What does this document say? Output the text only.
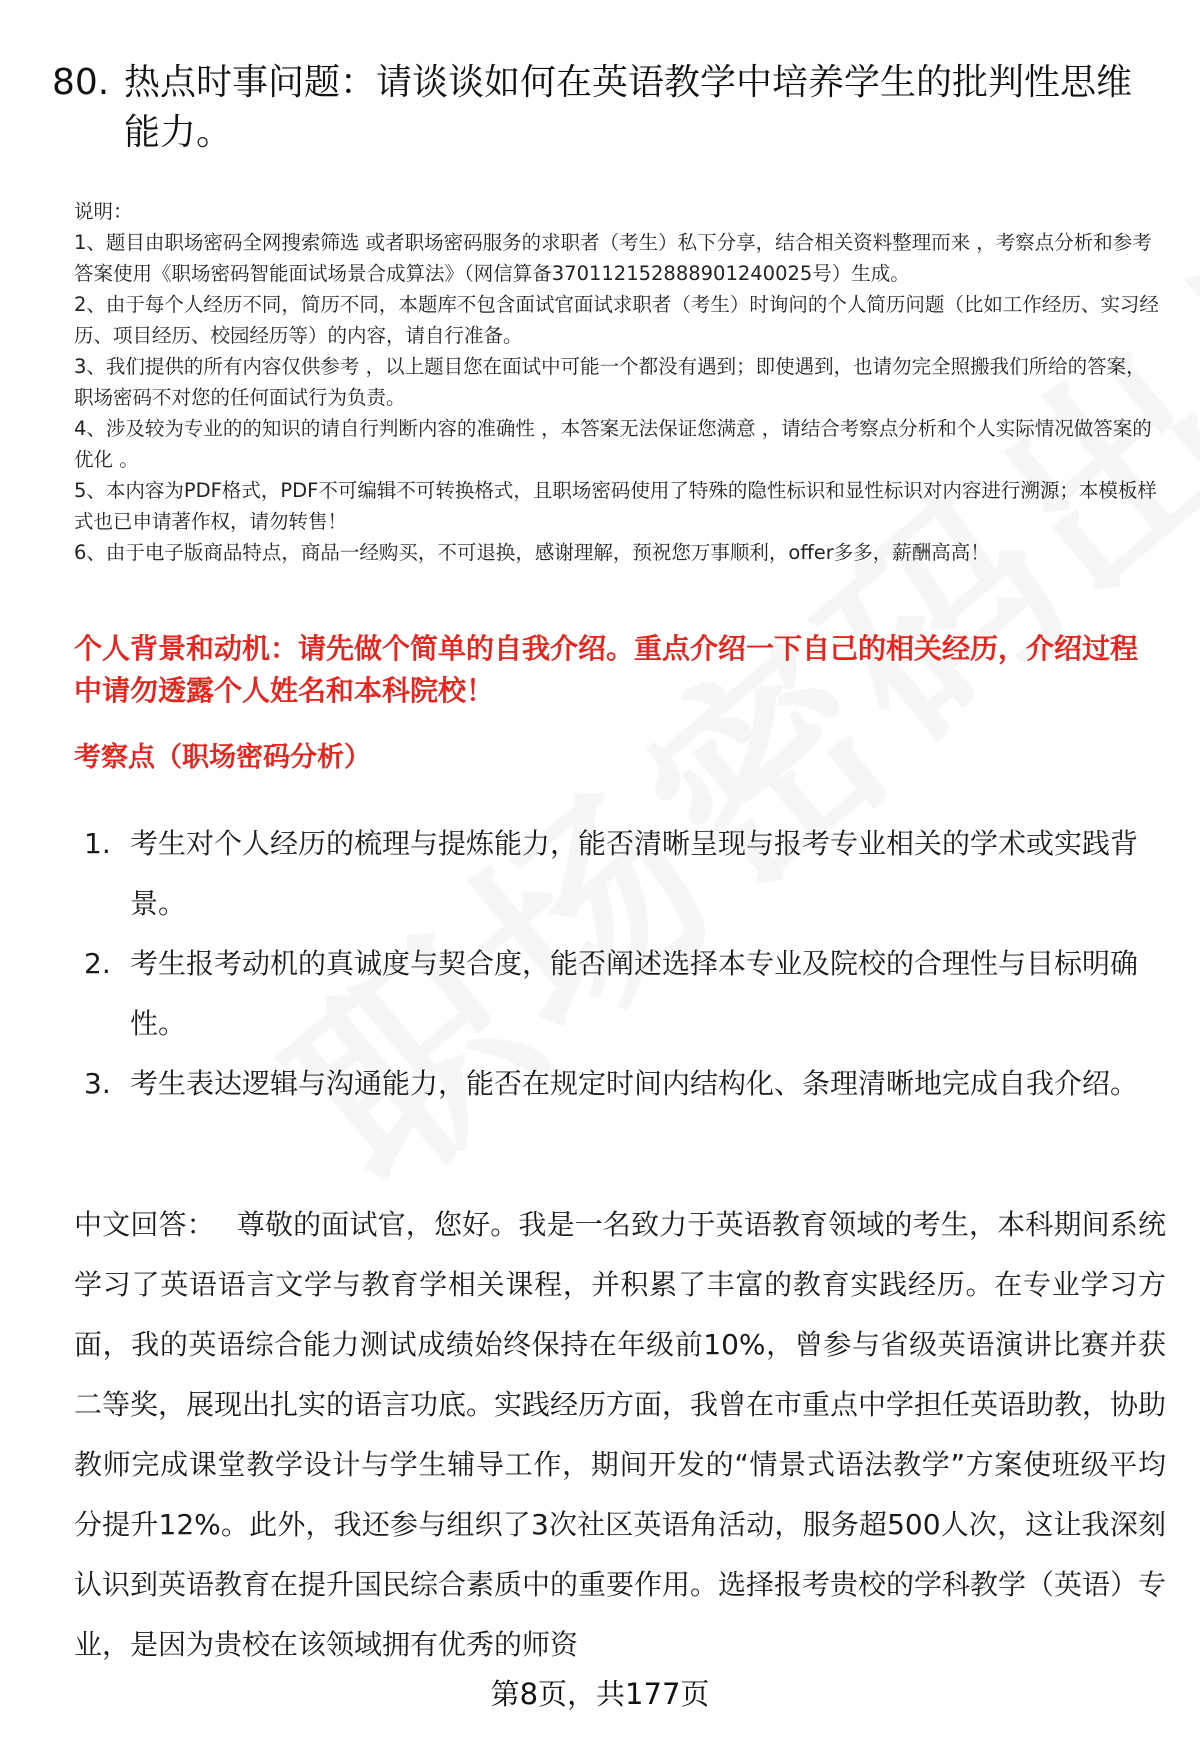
80. 热点时事问题：请谈谈如何在英语教学中培养学生的批判性思维能力。

说明：

1、题目由职场密码全网搜索筛选 或者职场密码服务的求职者（考生）私下分享，结合相关资料整理而来 ，考察点分析和参考答案使用《职场密码智能面试场景合成算法》（网信算备370112152888901240025号）生成。

2、由于每个人经历不同，简历不同，本题库不包含面试官面试求职者（考生）时询问的个人简历问题（比如工作经历、实习经历、项目经历、校园经历等）的内容，请自行准备。

3、我们提供的所有内容仅供参考 ，以上题目您在面试中可能一个都没有遇到；即使遇到，也请勿完全照搬我们所给的答案，职场密码不对您的任何面试行为负责。

4、涉及较为专业的的知识的请自行判断内容的准确性 ，本答案无法保证您满意 ，请结合考察点分析和个人实际情况做答案的优化 。

5、本内容为PDF格式，PDF不可编辑不可转换格式，且职场密码使用了特殊的隐性标识和显性标识对内容进行溯源；本模板样式也已申请著作权，请勿转售！

6、由于电子版商品特点，商品一经购买，不可退换，感谢理解，预祝您万事顺利，offer多多，薪酬高高！

个人背景和动机：请先做个简单的自我介绍。重点介绍一下自己的相关经历，介绍过程中请勿透露个人姓名和本科院校！
考察点（职场密码分析）
1. 考生对个人经历的梳理与提炼能力，能否清晰呈现与报考专业相关的学术或实践背景。
2. 考生报考动机的真诚度与契合度，能否阐述选择本专业及院校的合理性与目标明确性。
3. 考生表达逻辑与沟通能力，能否在规定时间内结构化、条理清晰地完成自我介绍。
中文回答： 尊敬的面试官，您好。我是一名致力于英语教育领域的考生，本科期间系统学习了英语语言文学与教育学相关课程，并积累了丰富的教育实践经历。在专业学习方面，我的英语综合能力测试成绩始终保持在年级前10%，曾参与省级英语演讲比赛并获二等奖，展现出扎实的语言功底。实践经历方面，我曾在市重点中学担任英语助教，协助教师完成课堂教学设计与学生辅导工作，期间开发的“情景式语法教学”方案使班级平均分提升12%。此外，我还参与组织了3次社区英语角活动，服务超500人次，这让我深刻认识到英语教育在提升国民综合素质中的重要作用。选择报考贵校的学科教学（英语）专业，是因为贵校在该领域拥有优秀的师资
第8页，共177页
